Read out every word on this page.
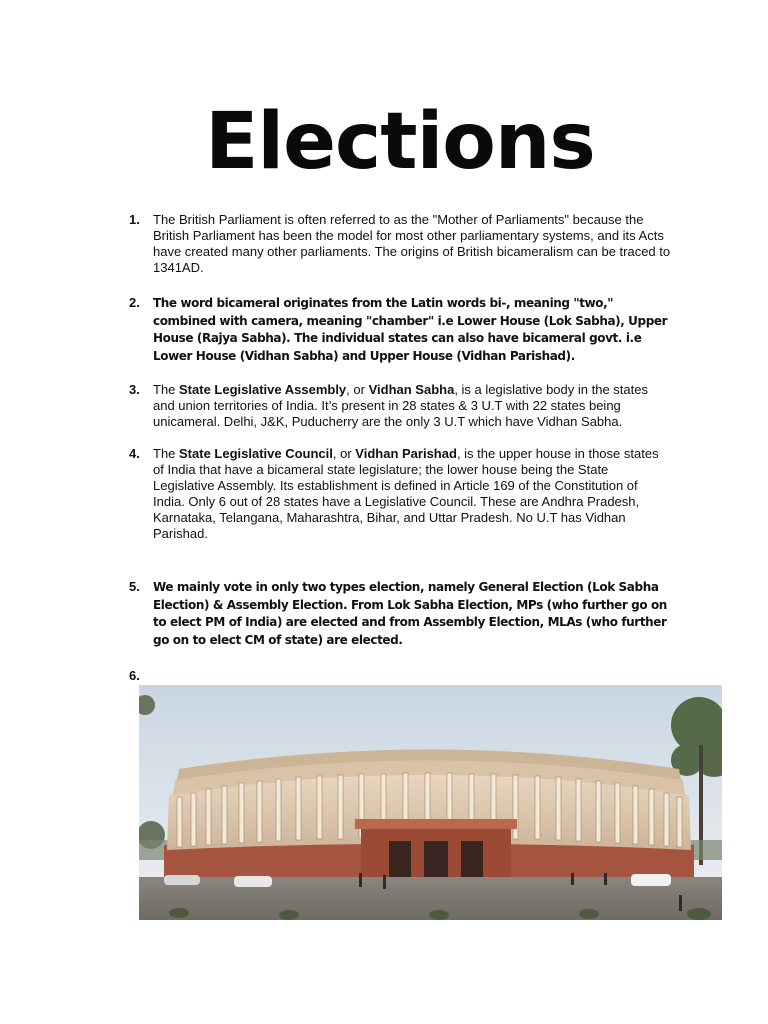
Elections
1. The British Parliament is often referred to as the "Mother of Parliaments" because the British Parliament has been the model for most other parliamentary systems, and its Acts have created many other parliaments. The origins of British bicameralism can be traced to 1341AD.
2. The word bicameral originates from the Latin words bi-, meaning "two," combined with camera, meaning "chamber" i.e Lower House (Lok Sabha), Upper House (Rajya Sabha). The individual states can also have bicameral govt. i.e Lower House (Vidhan Sabha) and Upper House (Vidhan Parishad).
3. The State Legislative Assembly, or Vidhan Sabha, is a legislative body in the states and union territories of India. It’s present in 28 states & 3 U.T with 22 states being unicameral. Delhi, J&K, Puducherry are the only 3 U.T which have Vidhan Sabha.
4. The State Legislative Council, or Vidhan Parishad, is the upper house in those states of India that have a bicameral state legislature; the lower house being the State Legislative Assembly. Its establishment is defined in Article 169 of the Constitution of India. Only 6 out of 28 states have a Legislative Council. These are Andhra Pradesh, Karnataka, Telangana, Maharashtra, Bihar, and Uttar Pradesh. No U.T has Vidhan Parishad.
5. We mainly vote in only two types election, namely General Election (Lok Sabha Election) & Assembly Election. From Lok Sabha Election, MPs (who further go on to elect PM of India) are elected and from Assembly Election, MLAs (who further go on to elect CM of state) are elected.
6.
